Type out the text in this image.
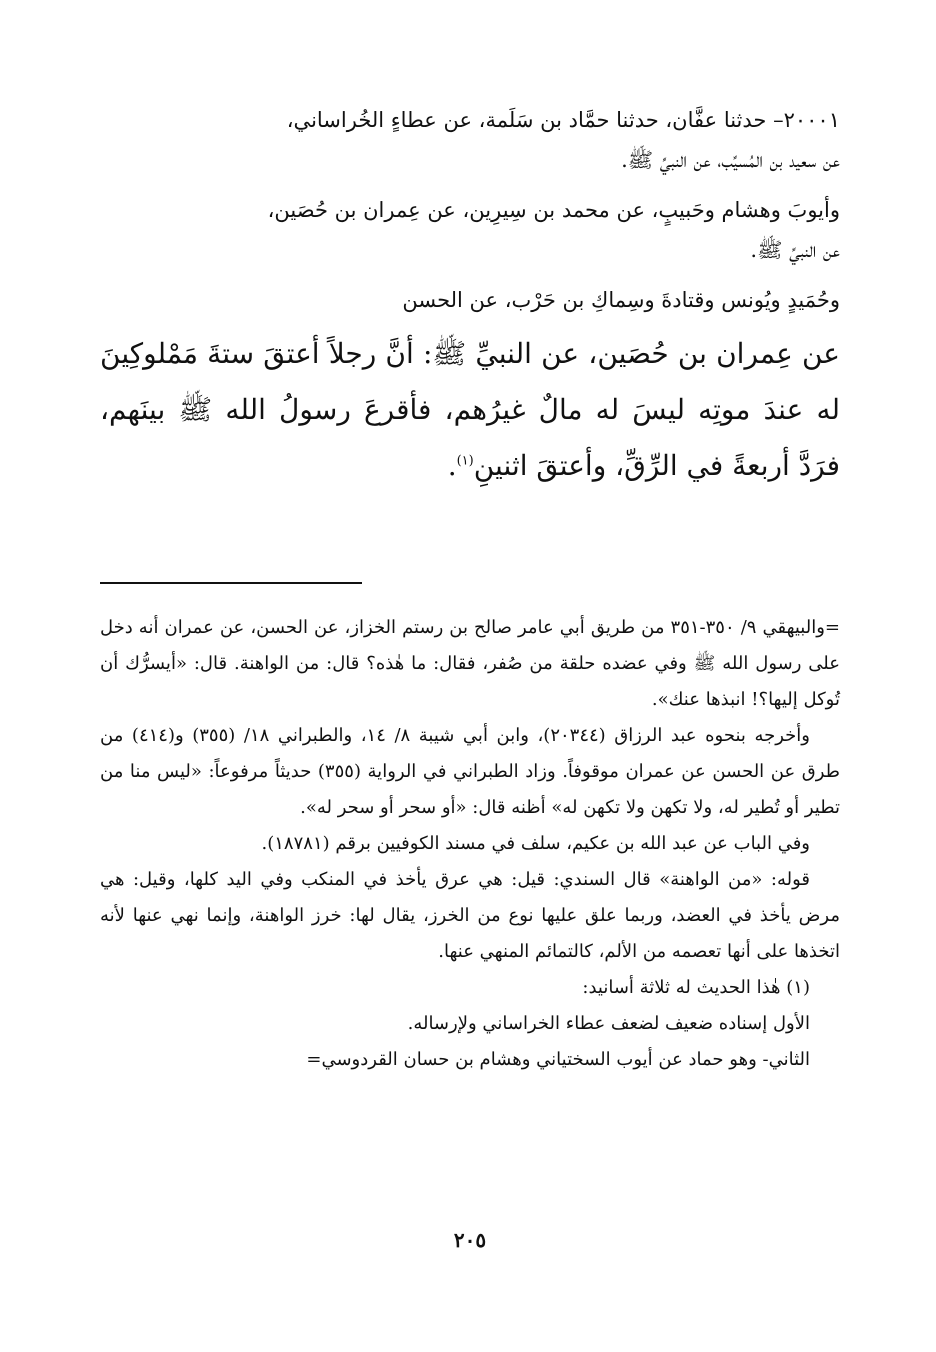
٢٠٠٠١– حدثنا عفَّان، حدثنا حمَّاد بن سَلَمة، عن عطاءٍ الخُراساني،

عن سعيد بن المُسيِّب، عن النبيِّ ﷺ.

وأيوبَ وهشام وحَبيبٍ، عن محمد بن سِيرِين، عن عِمران بن حُصَين،

عن النبيِّ ﷺ.

وحُمَيدٍ ويُونس وقتادةَ وسِماكِ بن حَرْب، عن الحسن

عن عِمران بن حُصَين، عن النبيِّ ﷺ: أنَّ رجلاً أعتقَ ستةَ مَمْلوكِينَ له عندَ موتِه ليسَ له مالٌ غيرُهم، فأقرعَ رسولُ الله ﷺ بينَهم، فرَدَّ أربعةً في الرِّقِّ، وأعتقَ اثنينِ$^{(١)}$.

=والبيهقي ٩/ ٣٥٠-٣٥١ من طريق أبي عامر صالح بن رستم الخزاز، عن الحسن، عن عمران أنه دخل على رسول الله ﷺ وفي عضده حلقة من صُفر، فقال: ما هٰذه؟ قال: من الواهنة. قال: «أيسرُّك أن تُوكل إليها؟! انبذها عنك».

وأخرجه بنحوه عبد الرزاق (٢٠٣٤٤)، وابن أبي شيبة ٨/ ١٤، والطبراني ١٨/ (٣٥٥) و(٤١٤) من طرق عن الحسن عن عمران موقوفاً. وزاد الطبراني في الرواية (٣٥٥) حديثاً مرفوعاً: «ليس منا من تطير أو تُطير له، ولا تكهن ولا تكهن له» أظنه قال: «أو سحر أو سحر له».

وفي الباب عن عبد الله بن عكيم، سلف في مسند الكوفيين برقم (١٨٧٨١).

قوله: «من الواهنة» قال السندي: قيل: هي عرق يأخذ في المنكب وفي اليد كلها، وقيل: هي مرض يأخذ في العضد، وربما علق عليها نوع من الخرز، يقال لها: خرز الواهنة، وإنما نهي عنها لأنه اتخذها على أنها تعصمه من الألم، كالتمائم المنهي عنها.

(١) هٰذا الحديث له ثلاثة أسانيد:

الأول إسناده ضعيف لضعف عطاء الخراساني ولإرساله.

الثاني- وهو حماد عن أيوب السختياني وهشام بن حسان القردوسي=

٢٠٥
